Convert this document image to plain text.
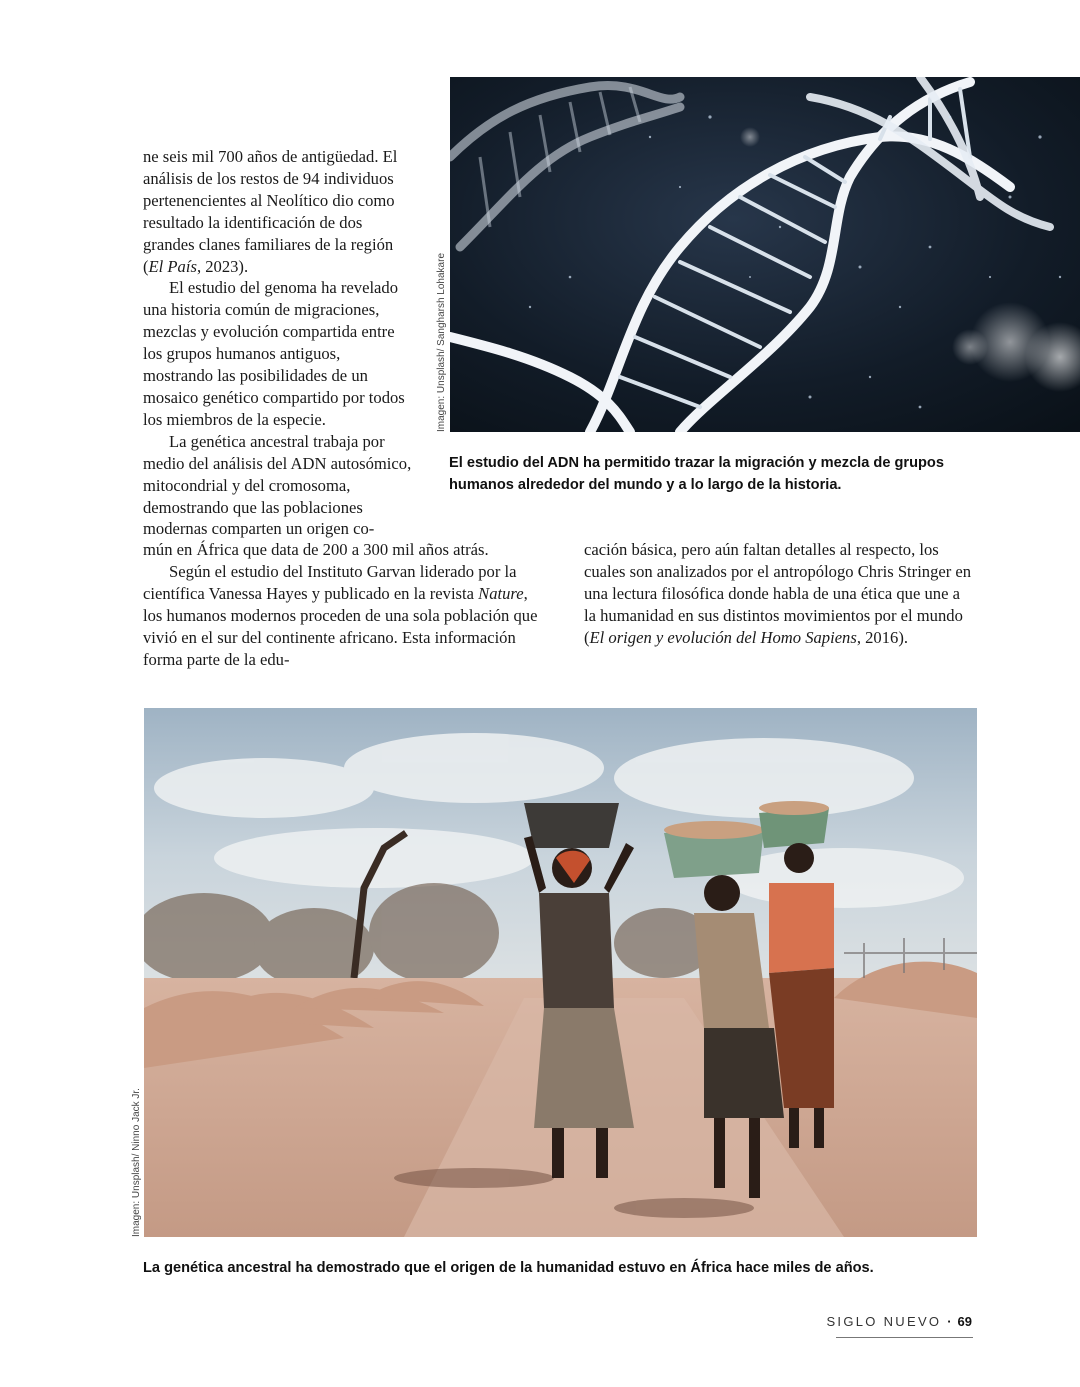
ne seis mil 700 años de antigüedad. El análisis de los restos de 94 individuos pertenencientes al Neolítico dio como resultado la identificación de dos grandes clanes familiares de la región (El País, 2023).

El estudio del genoma ha revelado una historia común de migraciones, mezclas y evolución compartida entre los grupos humanos antiguos, mostrando las posibilidades de un mosaico genético compartido por todos los miembros de la especie.

La genética ancestral trabaja por medio del análisis del ADN autosómico, mitocondrial y del cromosoma, demostrando que las poblaciones modernas comparten un origen co-

Imagen: Unsplash/ Sangharsh Lohakare

El estudio del ADN ha permitido trazar la migración y mezcla de grupos humanos alrededor del mundo y a lo largo de la historia.

mún en África que data de 200 a 300 mil años atrás.

Según el estudio del Instituto Garvan liderado por la científica Vanessa Hayes y publicado en la revista Nature, los humanos modernos proceden de una sola población que vivió en el sur del continente africano. Esta información forma parte de la edu-

cación básica, pero aún faltan detalles al respecto, los cuales son analizados por el antropólogo Chris Stringer en una lectura filosófica donde habla de una ética que une a la humanidad en sus distintos movimientos por el mundo (El origen y evolución del Homo Sapiens, 2016).

Imagen: Unsplash/ Ninno Jack Jr.

La genética ancestral ha demostrado que el origen de la humanidad estuvo en África hace miles de años.

SIGLO NUEVO · 69
